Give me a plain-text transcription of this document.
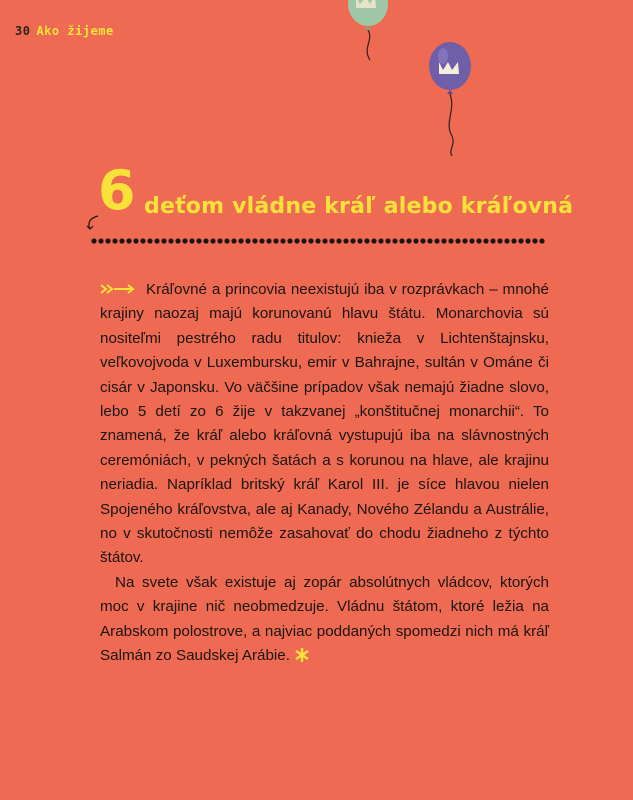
30 Ako žijeme
6 deťom vládne kráľ alebo kráľovná

Kráľovné a princovia neexistujú iba v rozprávkach – mnohé krajiny naozaj majú korunovanú hlavu štátu. Monarchovia sú nositeľmi pestrého radu titulov: knieža v Lichtenštajnsku, veľkovojvoda v Luxembursku, emir v Bahrajne, sultán v Ománe či cisár v Japonsku. Vo väčšine prípadov však nemajú žiadne slovo, lebo 5 detí zo 6 žije v takzvanej „konštitučnej monarchii“. To znamená, že kráľ alebo kráľovná vystupujú iba na slávnostných ceremóniách, v pekných šatách a s korunou na hlave, ale krajinu neriadia. Napríklad britský kráľ Karol III. je síce hlavou nielen Spojeného kráľovstva, ale aj Kanady, Nového Zélandu a Austrálie, no v skutočnosti nemôže zasahovať do chodu žiadneho z týchto štátov.

Na svete však existuje aj zopár absolútnych vládcov, ktorých moc v krajine nič neobmedzuje. Vládnu štátom, ktoré ležia na Arabskom polostrove, a najviac poddaných spomedzi nich má kráľ Salmán zo Saudskej Arábie.
